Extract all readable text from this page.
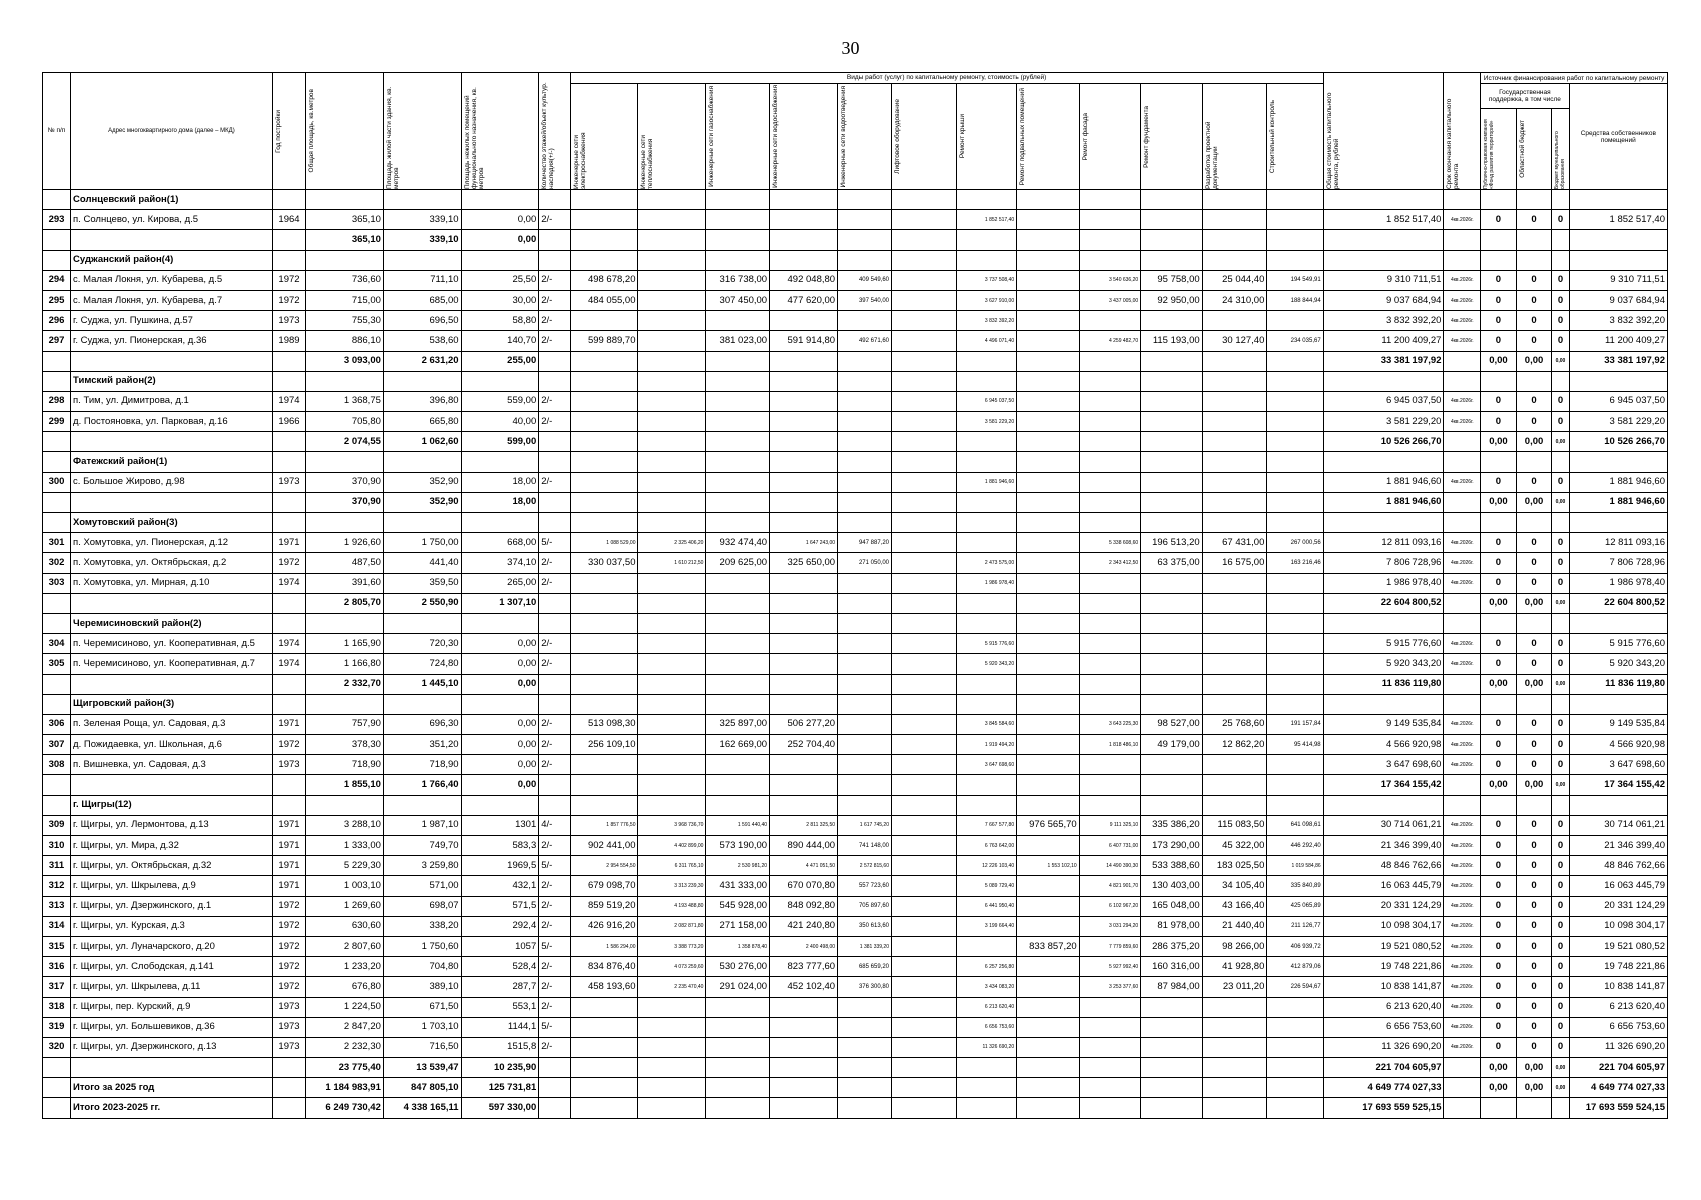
30
№ п/п	Адрес многоквартирного дома (далее – МКД)	Год постройки	Общая площадь, кв.метров	Площадь жилой части здания, кв. метров	Площадь нежилых помещений функционального назначения, кв. метров	Количество этажей/объект культур. наследия(+/-)	Виды работ (услуг) по капитальному ремонту, стоимость (рублей)												Общая стоимость капитального ремонта, рублей	Срок окончания капитального ремонта	Источник финансирования работ по капитальному ремонту			

							Инженерные сети электроснабжения	Инженерные сети теплоснабжения	Инженерные сети газоснабжения	Инженерные сети водоснабжения	Инженерные сети водоотведения	Лифтовое оборудование	Ремонт крыши	Ремонт подвальных помещений	Ремонт фасада	Ремонт фундамента	Разработка проектной документации	Строительный контроль			Государственная поддержка, в том числе			Средства собственников помещений

																					Публично-правовая компания «Фонд развития территорий»	Областной бюджет	Бюджет муниципального образования	

	Солнцевский район(1)																							
293	п. Солнцево, ул. Кирова, д.5	1964	365,10	339,10	0,00	2/-							1 852 517,40						1 852 517,40	4кв.2026г.	0	0	0	1 852 517,40
			365,10	339,10	0,00																			
	Суджанский район(4)																							
294	с. Малая Локня, ул. Кубарева, д.5	1972	736,60	711,10	25,50	2/-	498 678,20		316 738,00	492 048,80	409 549,60		3 737 508,40		3 540 636,20	95 758,00	25 044,40	194 549,91	9 310 711,51	4кв.2026г.	0	0	0	9 310 711,51
295	с. Малая Локня, ул. Кубарева, д.7	1972	715,00	685,00	30,00	2/-	484 055,00		307 450,00	477 620,00	397 540,00		3 627 910,00		3 437 005,00	92 950,00	24 310,00	188 844,94	9 037 684,94	4кв.2026г.	0	0	0	9 037 684,94
296	г. Суджа, ул. Пушкина, д.57	1973	755,30	696,50	58,80	2/-							3 832 392,20						3 832 392,20	4кв.2026г.	0	0	0	3 832 392,20
297	г. Суджа, ул. Пионерская, д.36	1989	886,10	538,60	140,70	2/-	599 889,70		381 023,00	591 914,80	492 671,60		4 496 071,40		4 259 482,70	115 193,00	30 127,40	234 035,67	11 200 409,27	4кв.2026г.	0	0	0	11 200 409,27
			3 093,00	2 631,20	255,00														33 381 197,92		0,00	0,00	0,00	33 381 197,92
	Тимский район(2)																							
298	п. Тим, ул. Димитрова, д.1	1974	1 368,75	396,80	559,00	2/-							6 945 037,50						6 945 037,50	4кв.2026г.	0	0	0	6 945 037,50
299	д. Постояновка, ул. Парковая, д.16	1966	705,80	665,80	40,00	2/-							3 581 229,20						3 581 229,20	4кв.2026г.	0	0	0	3 581 229,20
			2 074,55	1 062,60	599,00														10 526 266,70		0,00	0,00	0,00	10 526 266,70
	Фатежский район(1)																							
300	с. Большое Жирово, д.98	1973	370,90	352,90	18,00	2/-							1 881 946,60						1 881 946,60	4кв.2026г.	0	0	0	1 881 946,60
			370,90	352,90	18,00														1 881 946,60		0,00	0,00	0,00	1 881 946,60
	Хомутовский район(3)																							
301	п. Хомутовка, ул. Пионерская, д.12	1971	1 926,60	1 750,00	668,00	5/-	1 088 529,00	2 325 406,20	932 474,40	1 647 243,00	947 887,20				5 338 608,60	196 513,20	67 431,00	267 000,56	12 811 093,16	4кв.2026г.	0	0	0	12 811 093,16
302	п. Хомутовка, ул. Октябрьская, д.2	1972	487,50	441,40	374,10	2/-	330 037,50	1 610 212,50	209 625,00	325 650,00	271 050,00		2 473 575,00		2 343 412,50	63 375,00	16 575,00	163 216,46	7 806 728,96	4кв.2026г.	0	0	0	7 806 728,96
303	п. Хомутовка, ул. Мирная, д.10	1974	391,60	359,50	265,00	2/-							1 986 978,40						1 986 978,40	4кв.2026г.	0	0	0	1 986 978,40
			2 805,70	2 550,90	1 307,10														22 604 800,52		0,00	0,00	0,00	22 604 800,52
	Черемисиновский район(2)																							
304	п. Черемисиново, ул. Кооперативная, д.5	1974	1 165,90	720,30	0,00	2/-							5 915 776,60						5 915 776,60	4кв.2026г.	0	0	0	5 915 776,60
305	п. Черемисиново, ул. Кооперативная, д.7	1974	1 166,80	724,80	0,00	2/-							5 920 343,20						5 920 343,20	4кв.2026г.	0	0	0	5 920 343,20
			2 332,70	1 445,10	0,00														11 836 119,80		0,00	0,00	0,00	11 836 119,80
	Щигровский район(3)																							
306	п. Зеленая Роща, ул. Садовая, д.3	1971	757,90	696,30	0,00	2/-	513 098,30		325 897,00	506 277,20			3 845 584,60		3 643 225,30	98 527,00	25 768,60	191 157,84	9 149 535,84	4кв.2026г.	0	0	0	9 149 535,84
307	д. Пожидаевка, ул. Школьная, д.6	1972	378,30	351,20	0,00	2/-	256 109,10		162 669,00	252 704,40			1 919 494,20		1 818 486,10	49 179,00	12 862,20	95 414,98	4 566 920,98	4кв.2026г.	0	0	0	4 566 920,98
308	п. Вишневка, ул. Садовая, д.3	1973	718,90	718,90	0,00	2/-							3 647 698,60						3 647 698,60	4кв.2026г.	0	0	0	3 647 698,60
			1 855,10	1 766,40	0,00														17 364 155,42		0,00	0,00	0,00	17 364 155,42
	г. Щигры(12)																							
309	г. Щигры, ул. Лермонтова, д.13	1971	3 288,10	1 987,10	1301	4/-	1 857 776,50	3 968 736,70	1 591 440,40	2 811 325,50	1 617 745,20		7 667 577,80	976 565,70	9 111 325,10	335 386,20	115 083,50	641 098,61	30 714 061,21	4кв.2026г.	0	0	0	30 714 061,21
310	г. Щигры, ул. Мира, д.32	1971	1 333,00	749,70	583,3	2/-	902 441,00	4 402 899,00	573 190,00	890 444,00	741 148,00		6 763 642,00		6 407 731,00	173 290,00	45 322,00	446 292,40	21 346 399,40	4кв.2026г.	0	0	0	21 346 399,40
311	г. Щигры, ул. Октябрьская, д.32	1971	5 229,30	3 259,80	1969,5	5/-	2 954 554,50	6 311 765,10	2 530 981,20	4 471 051,50	2 572 815,60		12 226 103,40	1 553 102,10	14 490 390,30	533 388,60	183 025,50	1 019 584,86	48 846 762,66	4кв.2026г.	0	0	0	48 846 762,66
312	г. Щигры, ул. Шкрылева, д.9	1971	1 003,10	571,00	432,1	2/-	679 098,70	3 313 239,30	431 333,00	670 070,80	557 723,60		5 089 729,40		4 821 901,70	130 403,00	34 105,40	335 840,89	16 063 445,79	4кв.2026г.	0	0	0	16 063 445,79
313	г. Щигры, ул. Дзержинского, д.1	1972	1 269,60	698,07	571,5	2/-	859 519,20	4 193 488,80	545 928,00	848 092,80	705 897,60		6 441 950,40		6 102 967,20	165 048,00	43 166,40	425 065,89	20 331 124,29	4кв.2026г.	0	0	0	20 331 124,29
314	г. Щигры, ул. Курская, д.3	1972	630,60	338,20	292,4	2/-	426 916,20	2 082 871,80	271 158,00	421 240,80	350 613,60		3 199 664,40		3 031 294,20	81 978,00	21 440,40	211 126,77	10 098 304,17	4кв.2026г.	0	0	0	10 098 304,17
315	г. Щигры, ул. Луначарского, д.20	1972	2 807,60	1 750,60	1057	5/-	1 586 294,00	3 388 773,20	1 358 878,40	2 400 498,00	1 381 339,20			833 857,20	7 779 859,60	286 375,20	98 266,00	406 939,72	19 521 080,52	4кв.2026г.	0	0	0	19 521 080,52
316	г. Щигры, ул. Слободская, д.141	1972	1 233,20	704,80	528,4	2/-	834 876,40	4 073 259,60	530 276,00	823 777,60	685 659,20		6 257 256,80		5 927 992,40	160 316,00	41 928,80	412 879,06	19 748 221,86	4кв.2026г.	0	0	0	19 748 221,86
317	г. Щигры, ул. Шкрылева, д.11	1972	676,80	389,10	287,7	2/-	458 193,60	2 235 470,40	291 024,00	452 102,40	376 300,80		3 434 083,20		3 253 377,60	87 984,00	23 011,20	226 594,67	10 838 141,87	4кв.2026г.	0	0	0	10 838 141,87
318	г. Щигры, пер. Курский, д.9	1973	1 224,50	671,50	553,1	2/-							6 213 620,40						6 213 620,40	4кв.2026г.	0	0	0	6 213 620,40
319	г. Щигры, ул. Большевиков, д.36	1973	2 847,20	1 703,10	1144,1	5/-							6 656 753,60						6 656 753,60	4кв.2026г.	0	0	0	6 656 753,60
320	г. Щигры, ул. Дзержинского, д.13	1973	2 232,30	716,50	1515,8	2/-							11 326 690,20						11 326 690,20	4кв.2026г.	0	0	0	11 326 690,20
			23 775,40	13 539,47	10 235,90														221 704 605,97		0,00	0,00	0,00	221 704 605,97
	Итого за 2025 год		1 184 983,91	847 805,10	125 731,81														4 649 774 027,33		0,00	0,00	0,00	4 649 774 027,33
	Итого 2023-2025 гг.		6 249 730,42	4 338 165,11	597 330,00														17 693 559 525,15					17 693 559 524,15
